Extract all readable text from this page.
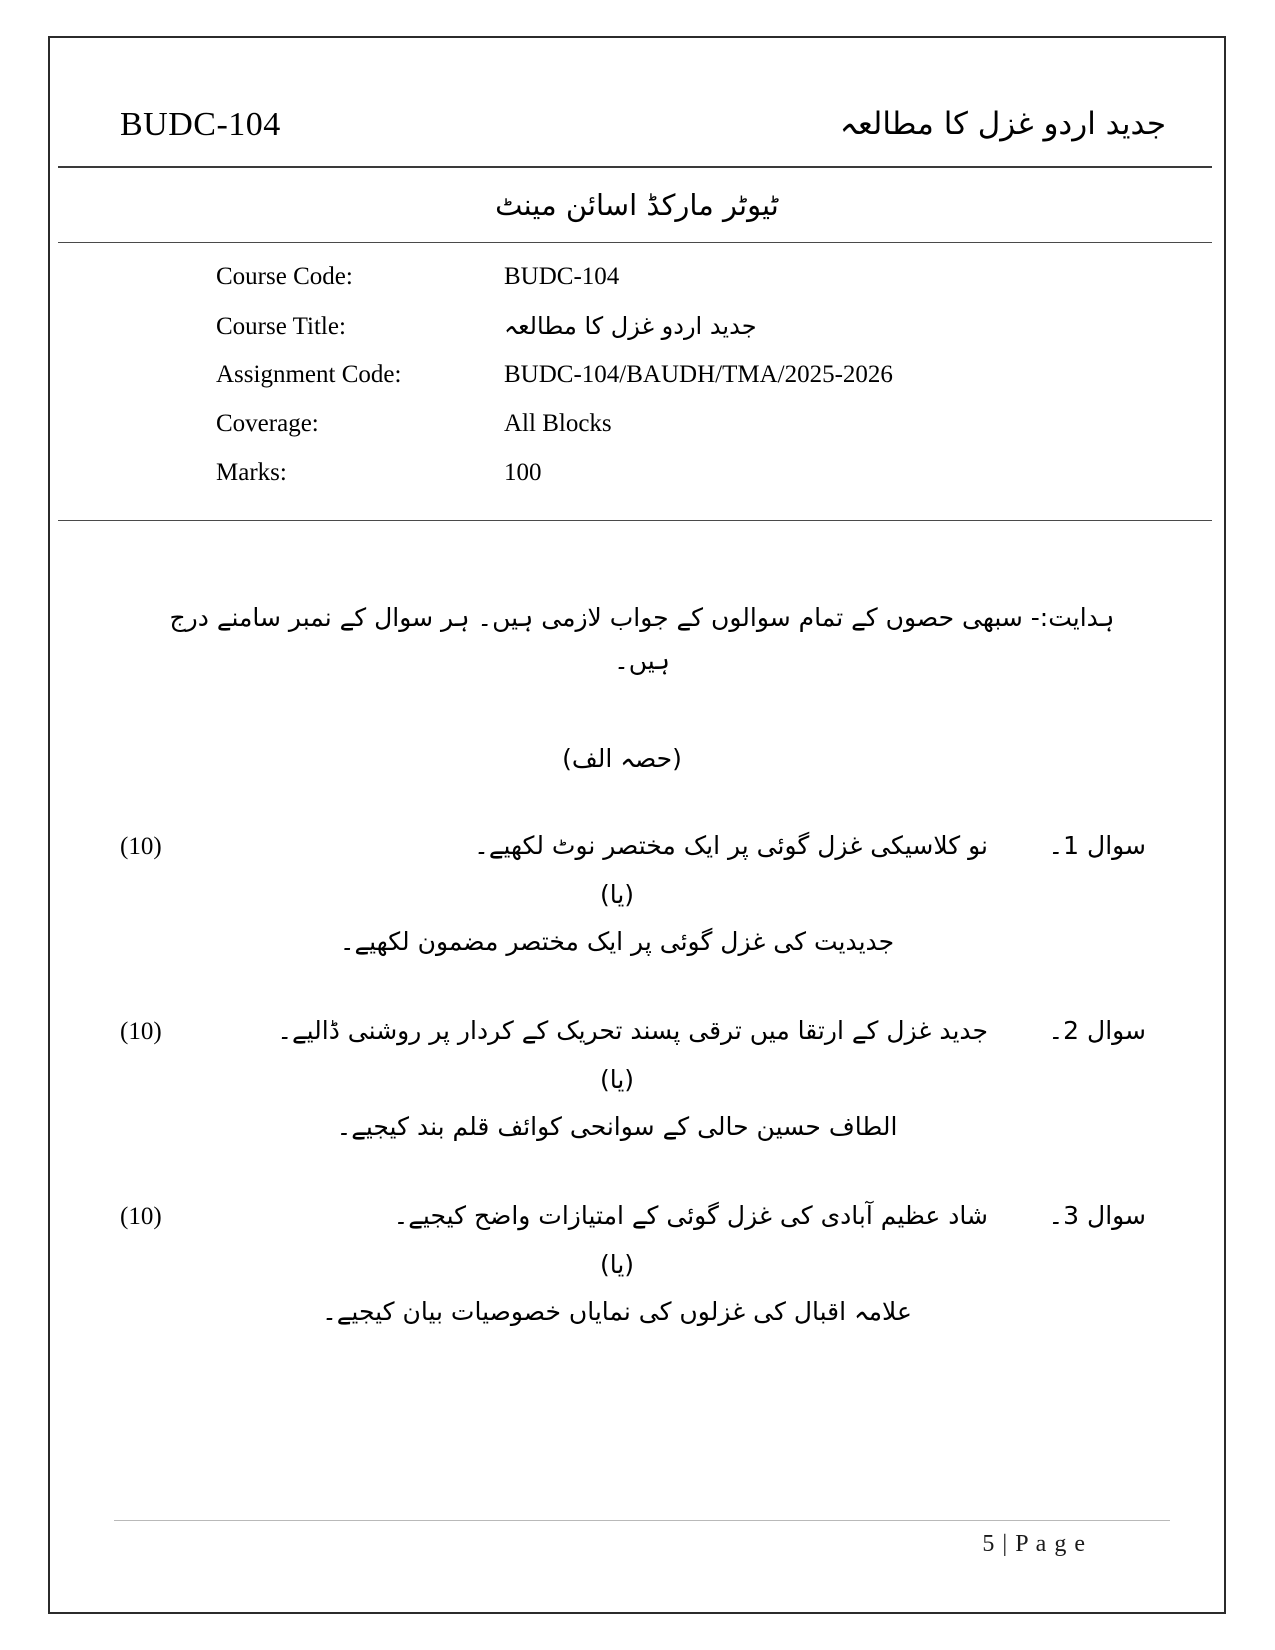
BUDC-104	جدید اردو غزل کا مطالعہ
ٹیوٹر مارکڈ اسائن مینٹ
Course Code:	BUDC-104
Course Title:	جدید اردو غزل کا مطالعہ
Assignment Code:	BUDC-104/BAUDH/TMA/2025-2026
Coverage:	All Blocks
Marks:	100
ہدایت:- سبھی حصوں کے تمام سوالوں کے جواب لازمی ہیں۔ ہر سوال کے نمبر سامنے درج ہیں۔
(حصہ الف)
سوال 1۔
نو کلاسیکی غزل گوئی پر ایک مختصر نوٹ لکھیے۔
(10)
(یا)
جدیدیت کی غزل گوئی پر ایک مختصر مضمون لکھیے۔
سوال 2۔
جدید غزل کے ارتقا میں ترقی پسند تحریک کے کردار پر روشنی ڈالیے۔
(10)
(یا)
الطاف حسین حالی کے سوانحی کوائف قلم بند کیجیے۔
سوال 3۔
شاد عظیم آبادی کی غزل گوئی کے امتیازات واضح کیجیے۔
(10)
(یا)
علامہ اقبال کی غزلوں کی نمایاں خصوصیات بیان کیجیے۔
5 | P a g e
